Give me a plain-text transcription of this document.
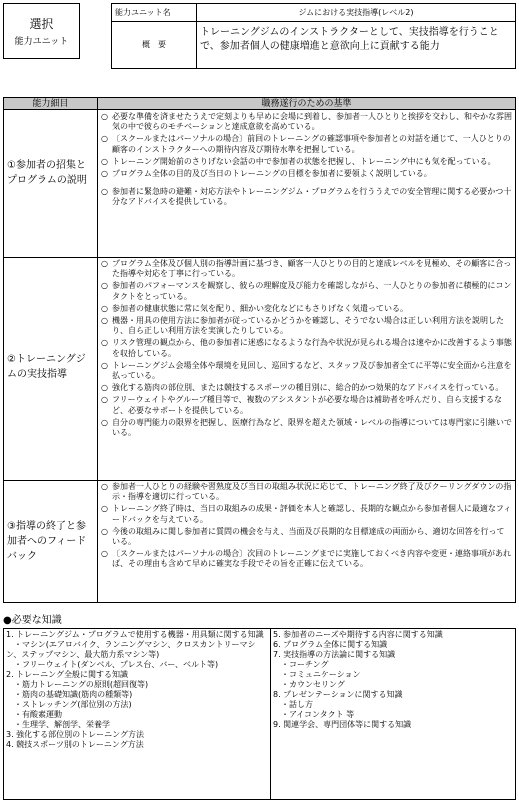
選択
能力ユニット
能力ユニット名	ジムにおける実技指導(レベル2)
概　要
トレーニングジムのインストラクターとして、実技指導を行うことで、参加者個人の健康増進と意欲向上に貢献する能力
能力細目	職務遂行のための基準
①参加者の招集とプログラムの説明
○ 必要な準備を済ませたうえで定刻よりも早めに会場に到着し、参加者一人ひとりと挨拶を交わし、和やかな雰囲気の中で彼らのモチベーションと達成意欲を高めている。
○ 〔スクールまたはパーソナルの場合〕前回のトレーニングの確認事項や参加者との対話を通じて、一人ひとりの顧客のインストラクターへの期待内容及び期待水準を把握している。
○ トレーニング開始前のさりげない会話の中で参加者の状態を把握し、トレーニング中にも気を配っている。
○ プログラム全体の目的及び当日のトレーニングの目標を参加者に要領よく説明している。
○ 参加者に緊急時の避難・対応方法やトレーニングジム・プログラムを行ううえでの安全管理に関する必要かつ十分なアドバイスを提供している。
②トレーニングジムの実技指導
○ プログラム全体及び個人別の指導計画に基づき、顧客一人ひとりの目的と達成レベルを見極め、その顧客に合った指導や対応を丁寧に行っている。
○ 参加者のパフォーマンスを観察し、彼らの理解度及び能力を確認しながら、一人ひとりの参加者に積極的にコンタクトをとっている。
○ 参加者の健康状態に常に気を配り、細かい変化などにもさりげなく気遣っている。
○ 機器・用具の使用方法に参加者が従っているかどうかを確認し、そうでない場合は正しい利用方法を説明したり、自ら正しい利用方法を実演したりしている。
○ リスク管理の観点から、他の参加者に迷惑になるような行為や状況が見られる場合は速やかに改善するよう事態を収拾している。
○ トレーニングジム会場全体や環境を見回し、巡回するなど、スタッフ及び参加者全てに平等に安全面から注意を払っている。
○ 強化する筋肉の部位別、または競技するスポーツの種目別に、総合的かつ効果的なアドバイスを行っている。
○ フリーウェイトやグループ種目等で、複数のアシスタントが必要な場合は補助者を呼んだり、自ら支援するなど、必要なサポートを提供している。
○ 自分の専門能力の限界を把握し、医療行為など、限界を超えた領域・レベルの指導については専門家に引継いでいる。
③指導の終了と参加者へのフィードバック
○ 参加者一人ひとりの経験や習熟度及び当日の取組み状況に応じて、トレーニング終了及びクーリングダウンの指示・指導を適切に行っている。
○ トレーニング終了時は、当日の取組みの成果・評価を本人と確認し、長期的な観点から参加者個人に最適なフィードバックを与えている。
○ 今後の取組みに関し参加者に質問の機会を与え、当面及び長期的な目標達成の両面から、適切な回答を行っている。
○ 〔スクールまたはパーソナルの場合〕次回のトレーニングまでに実施しておくべき内容や変更・連絡事項があれば、その理由も含めて早めに確実な手段でその旨を正確に伝えている。
●必要な知識
1. トレーニングジム・プログラムで使用する機器・用具類に関する知識
　・マシン(エアロバイク、ランニングマシン、クロスカントリーマシン、ステップマシン、最大筋力系マシン等)
　・フリーウェイト(ダンベル、プレス台、バー、ベルト等)
2. トレーニング全般に関する知識
　・筋力トレーニングの原則(超回復等)
　・筋肉の基礎知識(筋肉の種類等)
　・ストレッチング(部位別の方法)
　・有酸素運動
　・生理学、解剖学、栄養学
3. 強化する部位別のトレーニング方法
4. 競技スポーツ別のトレーニング方法
5. 参加者のニーズや期待する内容に関する知識
6. プログラム全体に関する知識
7. 実技指導の方法論に関する知識
　・コーチング
　・コミュニケーション
　・カウンセリング
8. プレゼンテーションに関する知識
　・話し方
　・アイコンタクト 等
9. 関連学会、専門団体等に関する知識
